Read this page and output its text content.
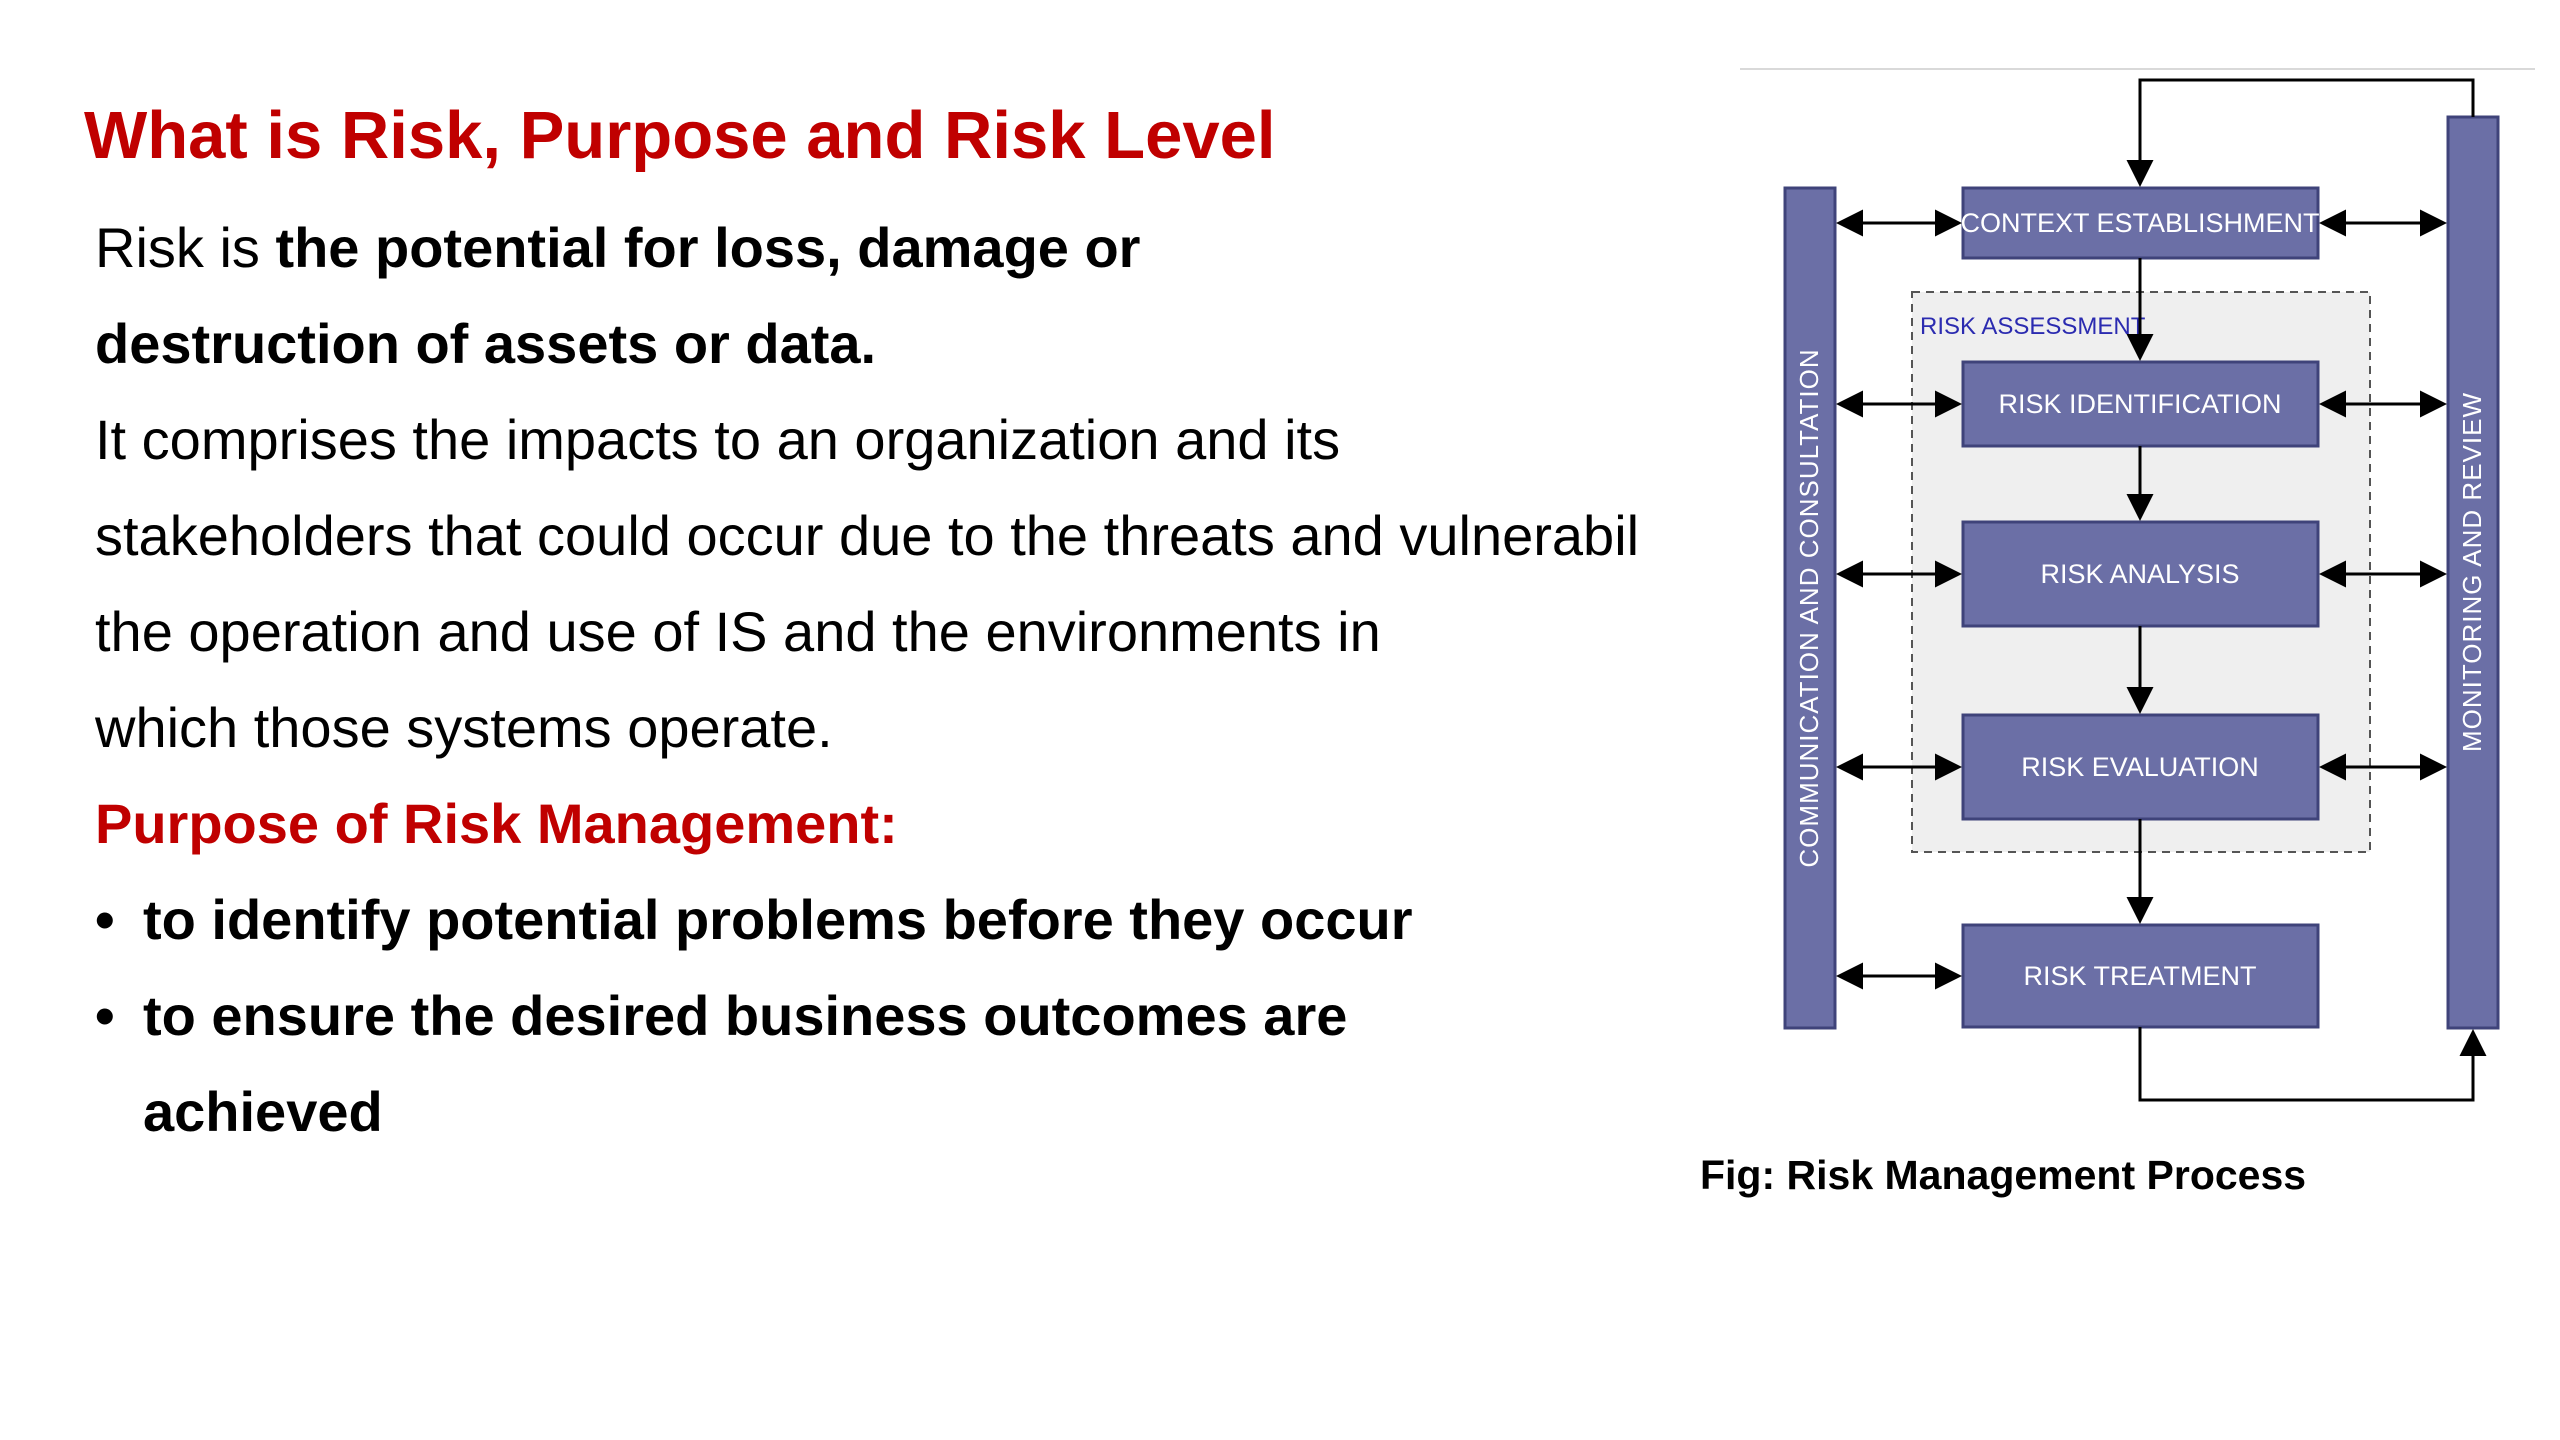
What is Risk, Purpose and Risk Level
Risk is the potential for loss, damage or
destruction of assets or data.
It comprises the impacts to an organization and its
stakeholders that could occur due to the threats and vulnerabil
the operation and use of IS and the environments in
which those systems operate.
Purpose of Risk Management:
• to identify potential problems before they occur
• to ensure the desired business outcomes are achieved
RISK ASSESSMENT
COMMUNICATION AND CONSULTATION	MONITORING AND REVIEW
CONTEXT ESTABLISHMENT
RISK IDENTIFICATION
RISK ANALYSIS
RISK EVALUATION
RISK TREATMENT
Fig: Risk Management Process
